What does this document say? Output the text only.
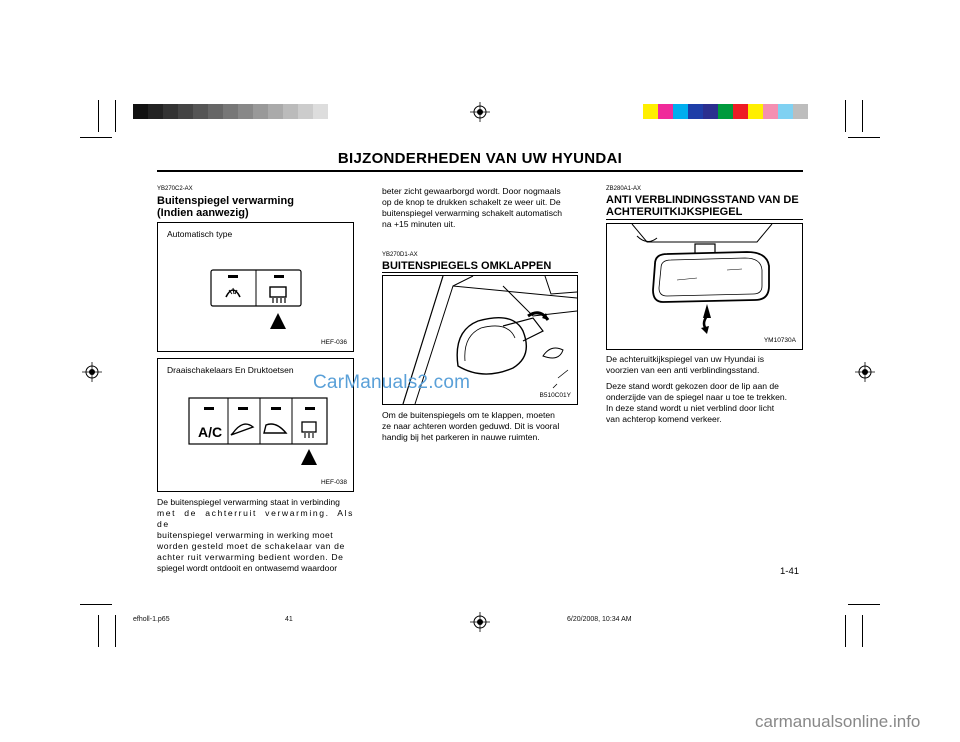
BIJZONDERHEDEN VAN UW HYUNDAI
YB270C2-AX
Buitenspiegel verwarming
(Indien aanwezig)
Automatisch type
HEF-036
Draaischakelaars En Druktoetsen
A/C
HEF-038
De buitenspiegel verwarming staat in verbinding
met de achterruit verwarming. Als de
buitenspiegel verwarming in werking moet
worden gesteld moet de schakelaar van de
achter ruit verwarming bedient worden. De
spiegel wordt ontdooit en ontwasemd waardoor
beter zicht gewaarborgd wordt. Door nogmaals
op de knop te drukken schakelt ze weer uit. De
buitenspiegel verwarming schakelt automatisch
na +15 minuten uit.
YB270D1-AX
BUITENSPIEGELS OMKLAPPEN
B510C01Y
Om de buitenspiegels om te klappen, moeten
ze naar achteren worden geduwd. Dit is vooral
handig bij het parkeren in nauwe ruimten.
ZB280A1-AX
ANTI VERBLINDINGSSTAND VAN DE
ACHTERUITKIJKSPIEGEL
YM10730A

De achteruitkijkspiegel van uw Hyundai is
voorzien van een anti verblindingsstand.

Deze stand wordt gekozen door de lip aan de
onderzijde van de spiegel naar u toe te trekken.
In deze stand wordt u niet verblind door licht
van achterop komend verkeer.

1-41
CarManuals2.com
efholl-1.p65	41	6/20/2008, 10:34 AM
carmanualsonline.info
